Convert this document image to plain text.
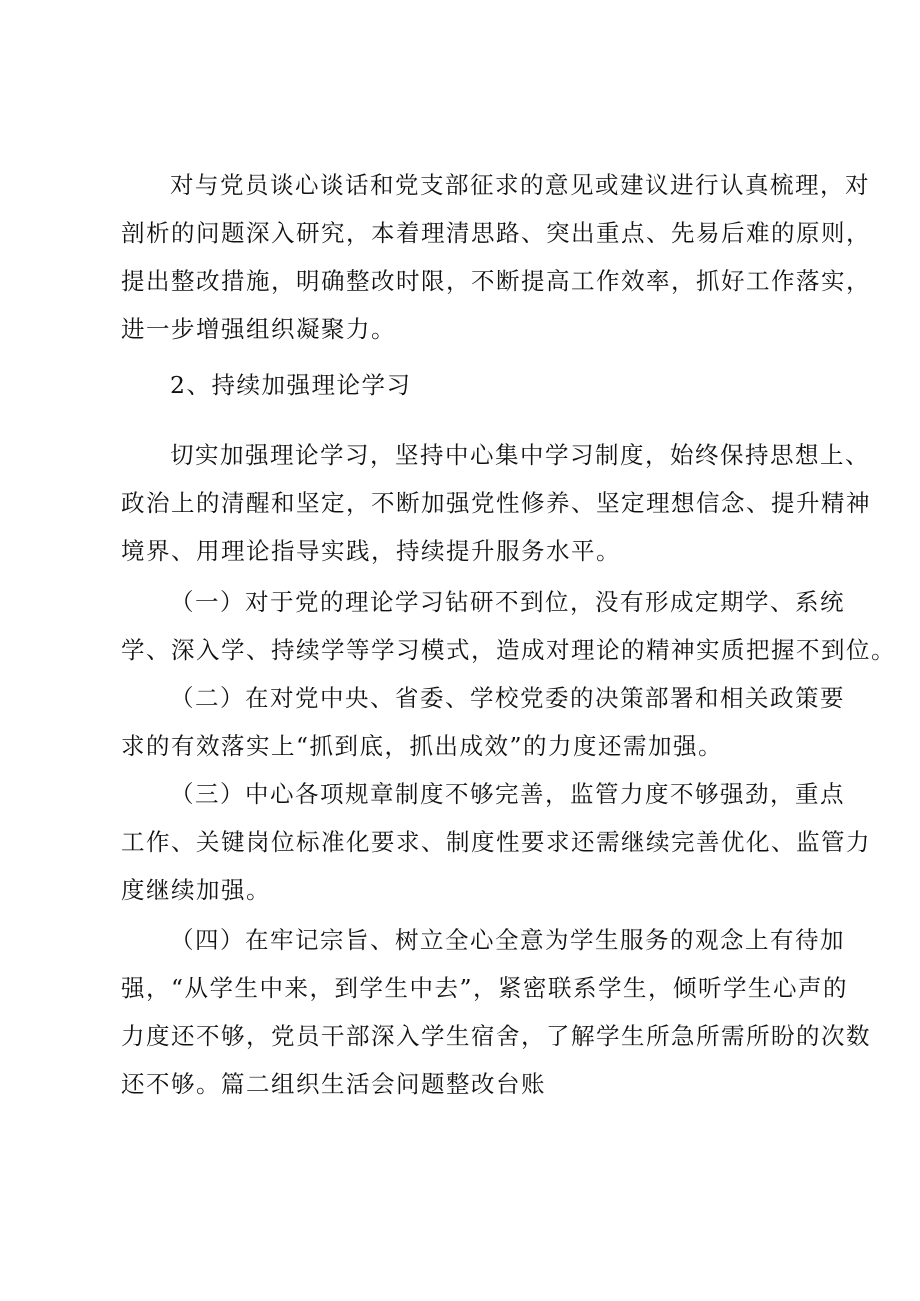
对与党员谈心谈话和党支部征求的意见或建议进行认真梳理，对
剖析的问题深入研究，本着理清思路、突出重点、先易后难的原则，
提出整改措施，明确整改时限，不断提高工作效率，抓好工作落实，
进一步增强组织凝聚力。
2、持续加强理论学习
切实加强理论学习，坚持中心集中学习制度，始终保持思想上、
政治上的清醒和坚定，不断加强党性修养、坚定理想信念、提升精神
境界、用理论指导实践，持续提升服务水平。
（一）对于党的理论学习钻研不到位，没有形成定期学、系统
学、深入学、持续学等学习模式，造成对理论的精神实质把握不到位。
（二）在对党中央、省委、学校党委的决策部署和相关政策要
求的有效落实上“抓到底，抓出成效”的力度还需加强。
（三）中心各项规章制度不够完善，监管力度不够强劲，重点
工作、关键岗位标准化要求、制度性要求还需继续完善优化、监管力
度继续加强。
（四）在牢记宗旨、树立全心全意为学生服务的观念上有待加
强，“从学生中来，到学生中去”，紧密联系学生，倾听学生心声的
力度还不够，党员干部深入学生宿舍，了解学生所急所需所盼的次数
还不够。篇二组织生活会问题整改台账
